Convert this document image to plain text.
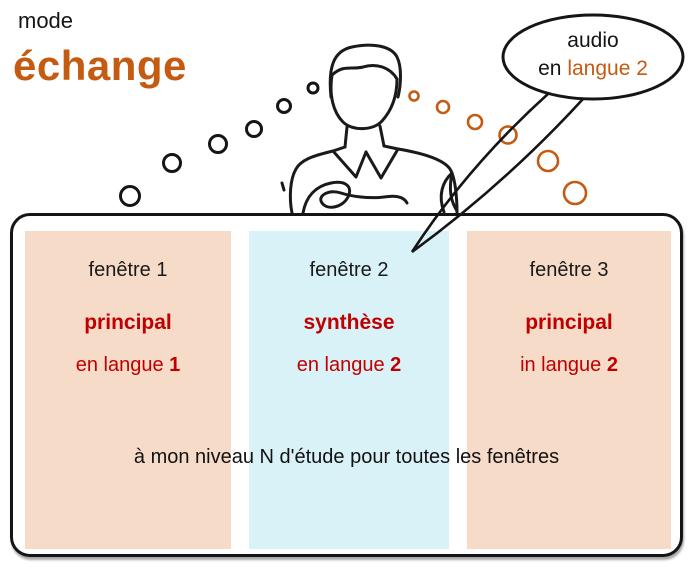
mode
échange
fenêtre 1
principal
en langue 1
fenêtre 2
synthèse
en langue 2
fenêtre 3
principal
in langue 2
à mon niveau N d'étude pour toutes les fenêtres
audio
en langue 2
